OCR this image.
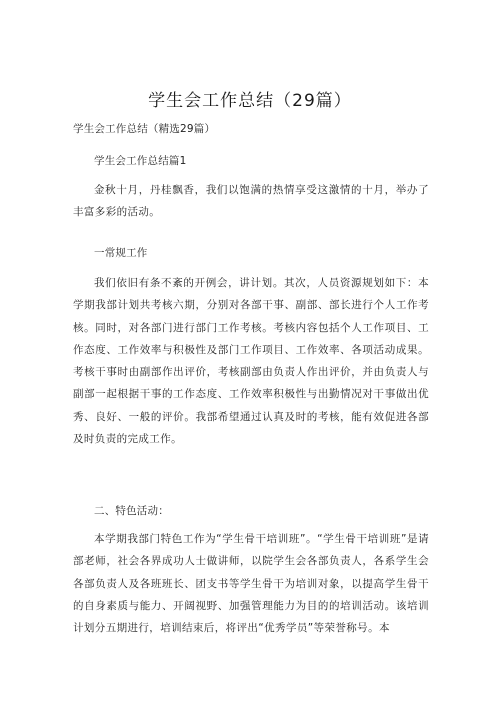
学生会工作总结（29篇）
学生会工作总结（精选29篇）
学生会工作总结篇1
金秋十月，丹桂飘香，我们以饱满的热情享受这激情的十月，举办了丰富多彩的活动。
一常规工作
我们依旧有条不紊的开例会，讲计划。其次，人员资源规划如下：本学期我部计划共考核六期，分别对各部干事、副部、部长进行个人工作考核。同时，对各部门进行部门工作考核。考核内容包括个人工作项目、工作态度、工作效率与积极性及部门工作项目、工作效率、各项活动成果。考核干事时由副部作出评价，考核副部由负责人作出评价，并由负责人与副部一起根据干事的工作态度、工作效率积极性与出勤情况对干事做出优秀、良好、一般的评价。我部希望通过认真及时的考核，能有效促进各部及时负责的完成工作。
二、特色活动：
本学期我部门特色工作为“学生骨干培训班”。“学生骨干培训班”是请部老师，社会各界成功人士做讲师，以院学生会各部负责人，各系学生会各部负责人及各班班长、团支书等学生骨干为培训对象，以提高学生骨干的自身素质与能力、开阔视野、加强管理能力为目的的培训活动。该培训计划分五期进行，培训结束后，将评出“优秀学员”等荣誉称号。本
